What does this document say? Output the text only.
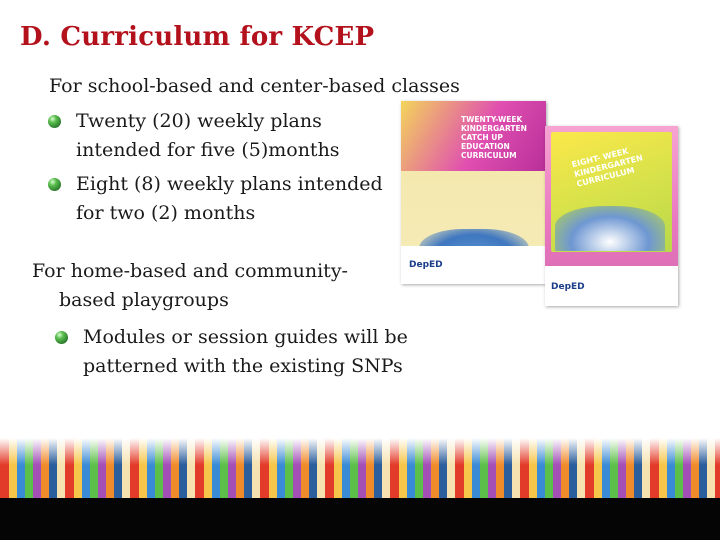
D. Curriculum for KCEP
For school-based and center-based classes
Twenty (20) weekly plans intended for five (5)months
Eight (8) weekly plans intended for two (2) months
For home-based and community-
based playgroups
Modules or session guides will be patterned with the existing SNPs
TWENTY-WEEK KINDERGARTEN CATCH UP EDUCATION CURRICULUM
DepED
EIGHT- WEEK KINDERGARTEN CURRICULUM
DepED
